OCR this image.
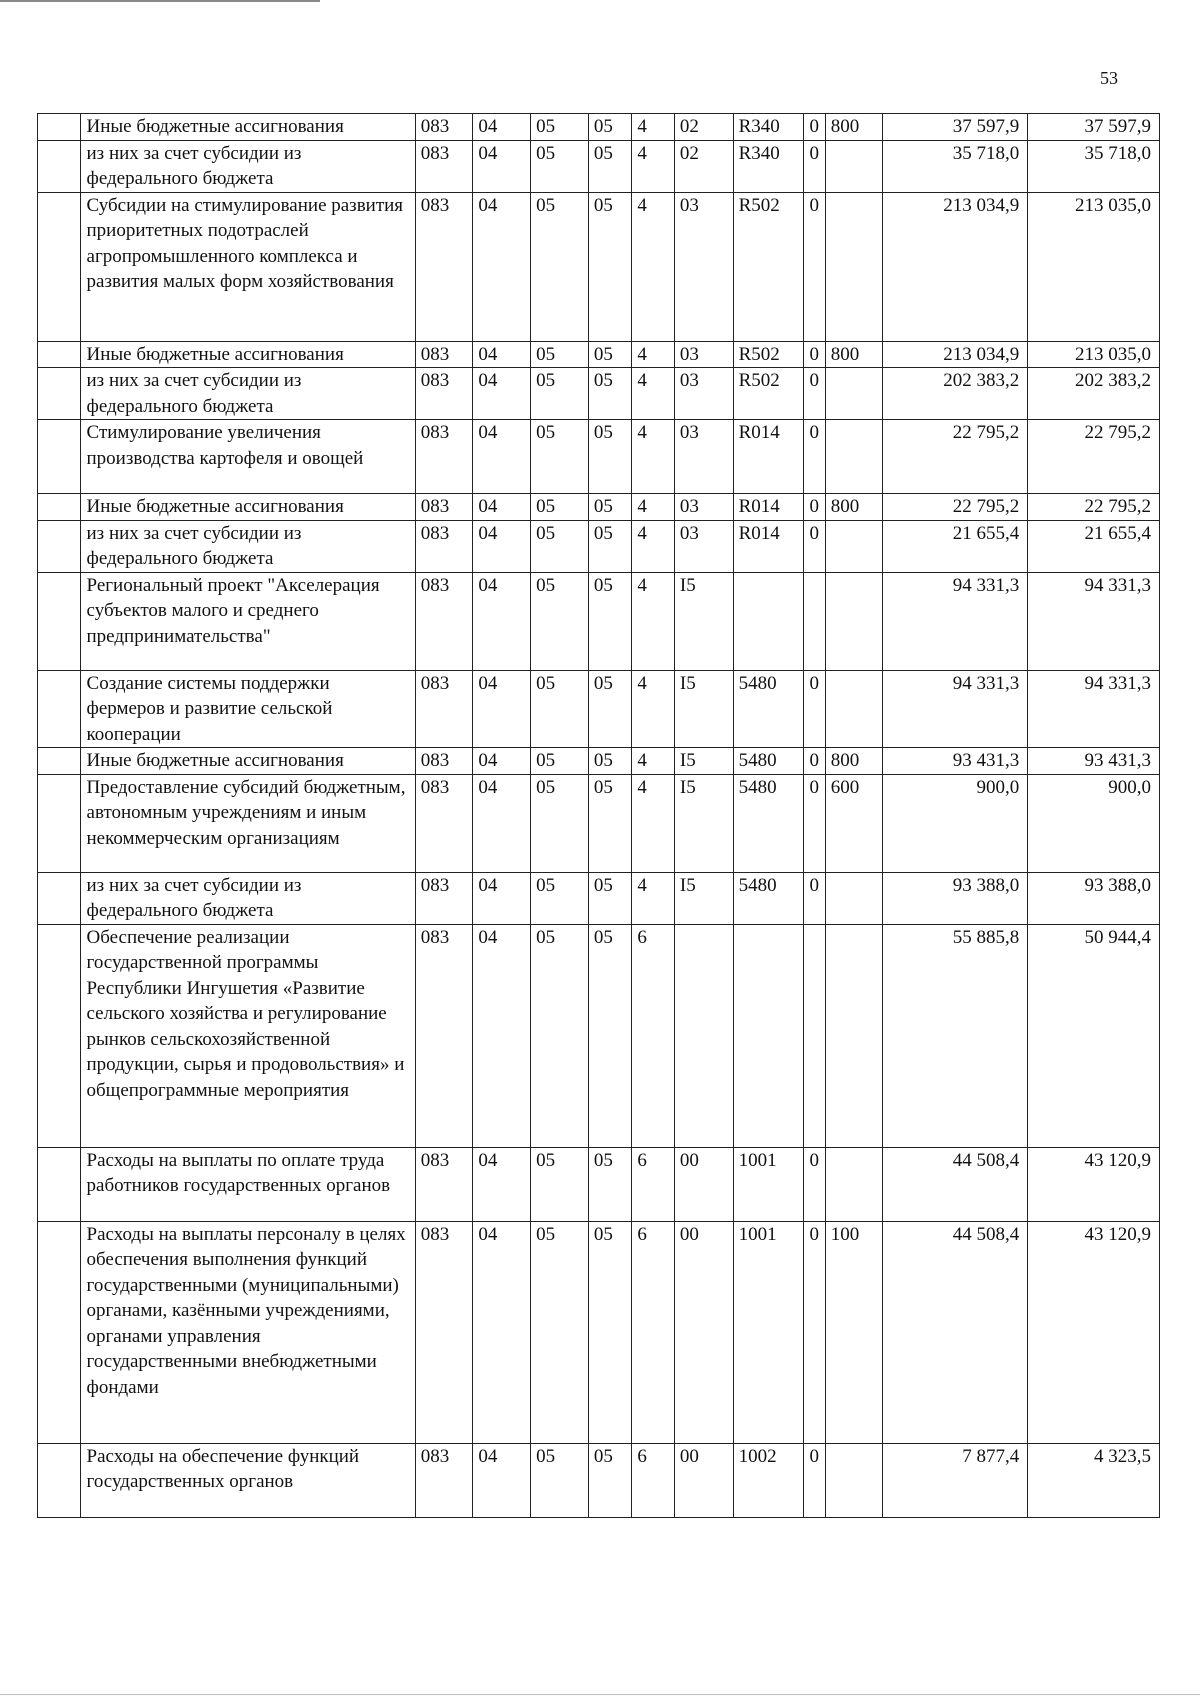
53
	Иные бюджетные ассигнования	083	04	05	05	4	02	R340	0	800	37 597,9	37 597,9
	из них за счет субсидии из федерального бюджета	083	04	05	05	4	02	R340	0		35 718,0	35 718,0
	Субсидии на стимулирование развития приоритетных подотраслей агропромышленного комплекса и развития малых форм хозяйствования	083	04	05	05	4	03	R502	0		213 034,9	213 035,0
	Иные бюджетные ассигнования	083	04	05	05	4	03	R502	0	800	213 034,9	213 035,0
	из них за счет субсидии из федерального бюджета	083	04	05	05	4	03	R502	0		202 383,2	202 383,2
	Стимулирование увеличения производства картофеля и овощей	083	04	05	05	4	03	R014	0		22 795,2	22 795,2
	Иные бюджетные ассигнования	083	04	05	05	4	03	R014	0	800	22 795,2	22 795,2
	из них за счет субсидии из федерального бюджета	083	04	05	05	4	03	R014	0		21 655,4	21 655,4
	Региональный проект "Акселерация субъектов малого и среднего предпринимательства"	083	04	05	05	4	I5				94 331,3	94 331,3
	Создание системы поддержки фермеров и развитие сельской кооперации	083	04	05	05	4	I5	5480	0		94 331,3	94 331,3
	Иные бюджетные ассигнования	083	04	05	05	4	I5	5480	0	800	93 431,3	93 431,3
	Предоставление субсидий бюджетным, автономным учреждениям и иным некоммерческим организациям	083	04	05	05	4	I5	5480	0	600	900,0	900,0
	из них за счет субсидии из федерального бюджета	083	04	05	05	4	I5	5480	0		93 388,0	93 388,0
	Обеспечение реализации государственной программы Республики Ингушетия «Развитие сельского хозяйства и регулирование рынков сельскохозяйственной продукции, сырья и продовольствия» и общепрограммные мероприятия	083	04	05	05	6					55 885,8	50 944,4
	Расходы на выплаты по оплате труда работников государственных органов	083	04	05	05	6	00	1001	0		44 508,4	43 120,9
	Расходы на выплаты персоналу в целях обеспечения выполнения функций государственными (муниципальными) органами, казёнными учреждениями, органами управления государственными внебюджетными фондами	083	04	05	05	6	00	1001	0	100	44 508,4	43 120,9
	Расходы на обеспечение функций государственных органов	083	04	05	05	6	00	1002	0		7 877,4	4 323,5
